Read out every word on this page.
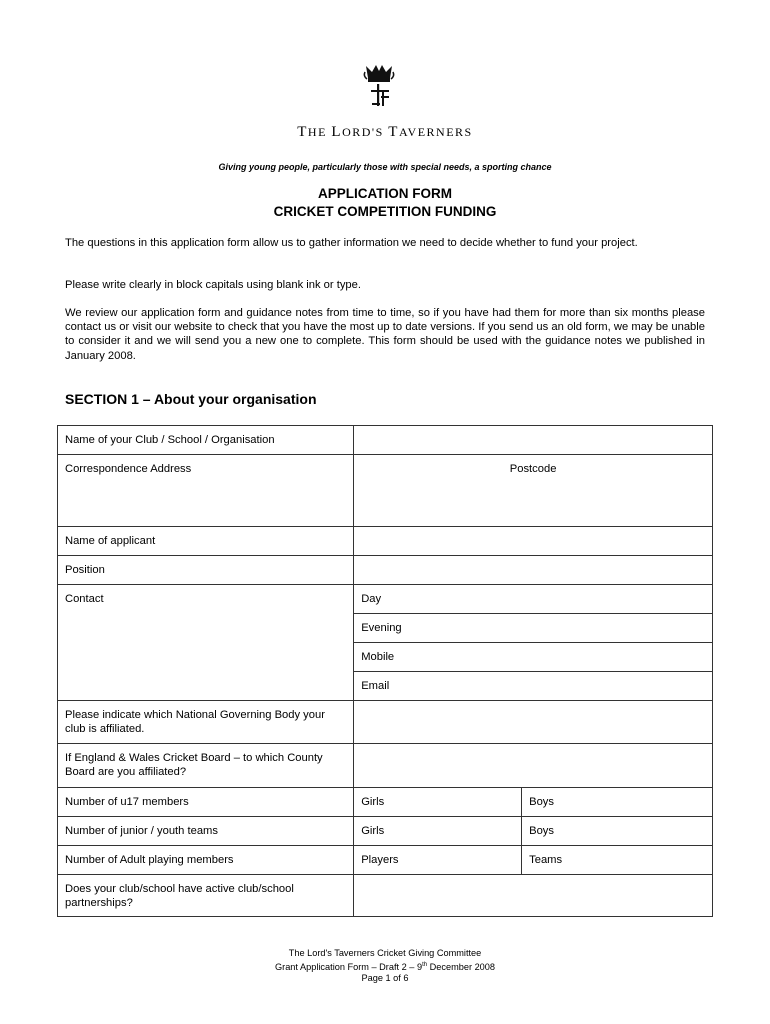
THE LORD'S TAVERNERS
Giving young people, particularly those with special needs, a sporting chance
APPLICATION FORM
CRICKET COMPETITION FUNDING

The questions in this application form allow us to gather information we need to decide whether to fund your project.

Please write clearly in block capitals using blank ink or type.

We review our application form and guidance notes from time to time, so if you have had them for more than six months please contact us or visit our website to check that you have the most up to date versions. If you send us an old form, we may be unable to consider it and we will send you a new one to complete. This form should be used with the guidance notes we published in January 2008.

SECTION 1 – About your organisation
Name of your Club / School / Organisation		
Correspondence Address	Postcode	
Name of applicant		
Position		
Contact	Day	
	Evening	
	Mobile	
	Email	
Please indicate which National Governing Body your club is affiliated.		
If England & Wales Cricket Board – to which County Board are you affiliated?		
Number of u17 members	Girls	Boys
Number of junior / youth teams	Girls	Boys
Number of Adult playing members	Players	Teams
Does your club/school have active club/school partnerships?		
The Lord's Taverners Cricket Giving Committee
Grant Application Form – Draft 2 – 9th December 2008
Page 1 of 6
